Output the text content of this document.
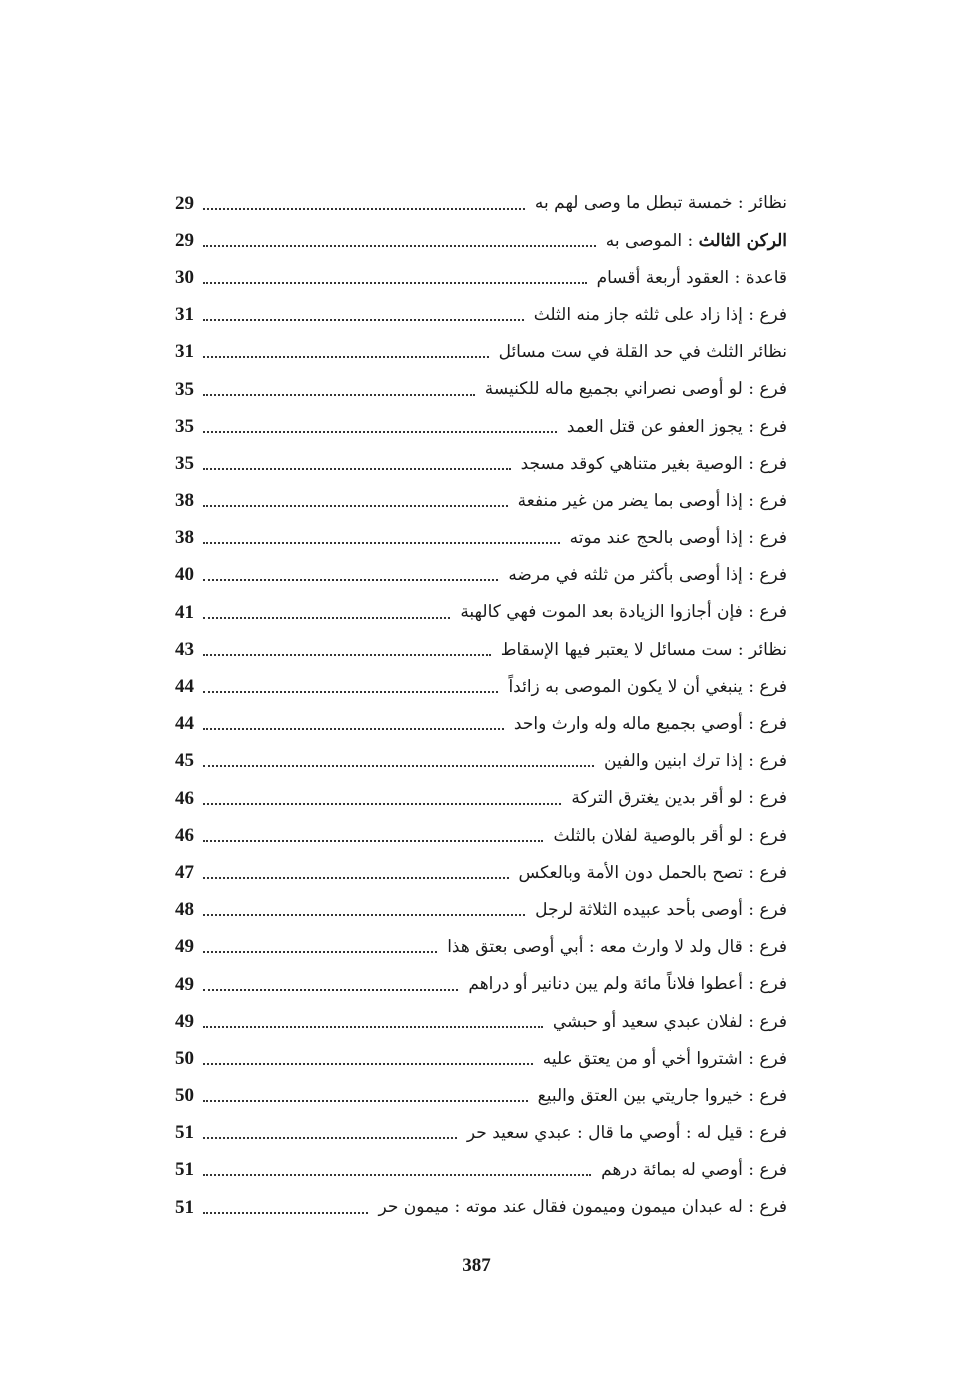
نظائر : خمسة تبطل ما وصى لهم به
29
الركن الثالث : الموصى به
29
قاعدة : العقود أربعة أقسام
30
فرع : إذا زاد على ثلثه جاز منه الثلث
31
نظائر الثلث في حد القلة في ست مسائل
31
فرع : لو أوصى نصراني بجميع ماله للكنيسة
35
فرع : يجوز العفو عن قتل العمد
35
فرع : الوصية بغير متناهي كوقد مسجد
35
فرع : إذا أوصى بما يضر من غير منفعة
38
فرع : إذا أوصى بالحج عند موته
38
فرع : إذا أوصى بأكثر من ثلثه في مرضه
40
فرع : فإن أجازوا الزيادة بعد الموت فهي كالهبة
41
نظائر : ست مسائل لا يعتبر فيها الإسقاط
43
فرع : ينبغي أن لا يكون الموصى به زائداً
44
فرع : أوصي بجميع ماله وله وارث واحد
44
فرع : إذا ترك ابنين والفين
45
فرع : لو أقر بدين يغترق التركة
46
فرع : لو أقر بالوصية لفلان بالثلث
46
فرع : تصح بالحمل دون الأمة وبالعكس
47
فرع : أوصى بأحد عبيده الثلاثة لرجل
48
فرع : قال ولد لا وارث معه : أبي أوصى بعتق هذا
49
فرع : أعطوا فلاناً مائة ولم يبن دنانير أو دراهم
49
فرع : لفلان عبدي سعيد أو حبشي
49
فرع : اشتروا أخي أو من يعتق عليه
50
فرع : خيروا جاريتي بين العتق والبيع
50
فرع : قيل له : أوصي ما قال : عبدي سعيد حر
51
فرع : أوصي له بمائة درهم
51
فرع : له عبدان ميمون وميمون فقال عند موته : ميمون حر
51
387
